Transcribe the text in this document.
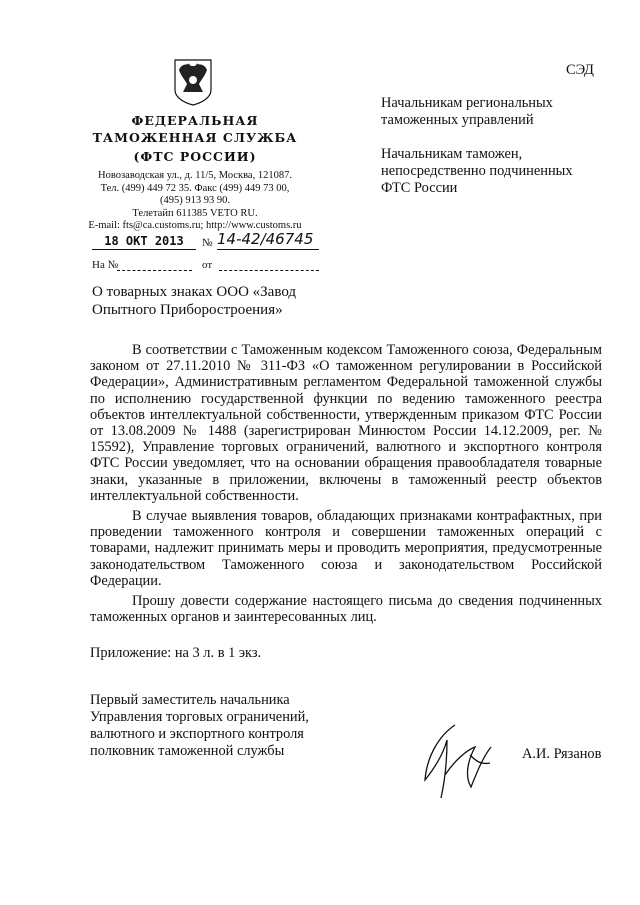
СЭД
ФЕДЕРАЛЬНАЯ
ТАМОЖЕННАЯ СЛУЖБА
(ФТС РОССИИ)
Новозаводская ул., д. 11/5, Москва, 121087.
Тел. (499) 449 72 35. Факс (499) 449 73 00,
(495) 913 93 90.
Телетайп 611385 VETO RU.
E-mail: fts@ca.customs.ru; http://www.customs.ru
18 ОКТ 2013	№ 14-42/46745
На №	от
Начальникам региональных
таможенных управлений
Начальникам таможен,
непосредственно подчиненных
ФТС России
О товарных знаках ООО «Завод
Опытного Приборостроения»

В соответствии с Таможенным кодексом Таможенного союза, Федеральным законом от 27.11.2010 № 311-ФЗ «О таможенном регулировании в Российской Федерации», Административным регламентом Федеральной таможенной службы по исполнению государственной функции по ведению таможенного реестра объектов интеллектуальной собственности, утвержденным приказом ФТС России от 13.08.2009 № 1488 (зарегистрирован Минюстом России 14.12.2009, рег. № 15592), Управление торговых ограничений, валютного и экспортного контроля ФТС России уведомляет, что на основании обращения правообладателя товарные знаки, указанные в приложении, включены в таможенный реестр объектов интеллектуальной собственности.

В случае выявления товаров, обладающих признаками контрафактных, при проведении таможенного контроля и совершении таможенных операций с товарами, надлежит принимать меры и проводить мероприятия, предусмотренные законодательством Таможенного союза и законодательством Российской Федерации.

Прошу довести содержание настоящего письма до сведения подчиненных таможенных органов и заинтересованных лиц.

Приложение: на 3 л. в 1 экз.
Первый заместитель начальника
Управления торговых ограничений,
валютного и экспортного контроля
полковник таможенной службы	А.И. Рязанов
